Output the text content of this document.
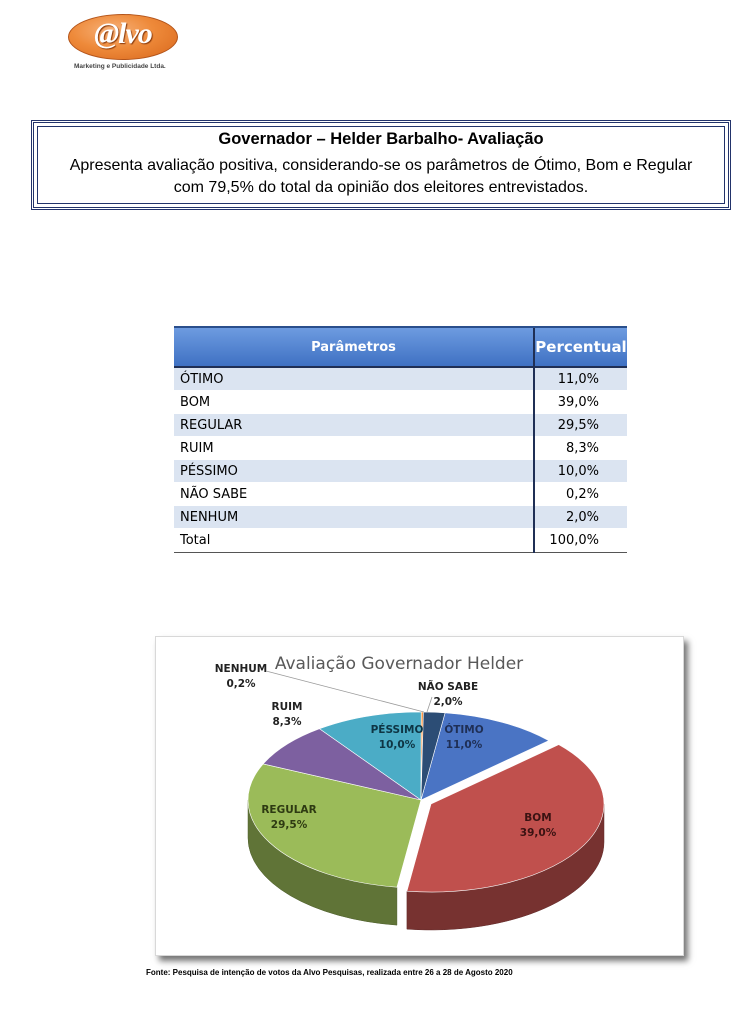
@lvo
Marketing e Publicidade Ltda.
Governador – Helder Barbalho- Avaliação
Apresenta avaliação positiva, considerando-se os parâmetros de Ótimo, Bom e Regular com 79,5% do total da opinião dos eleitores entrevistados.
Parâmetros	Percentual
ÓTIMO	11,0%
BOM	39,0%
REGULAR	29,5%
RUIM	8,3%
PÉSSIMO	10,0%
NÃO SABE	0,2%
NENHUM	2,0%
Total	100,0%
Avaliação Governador Helder
ÓTIMO
11,0%
BOM
39,0%
REGULAR
29,5%
RUIM
8,3%
PÉSSIMO
10,0%
NENHUM
0,2%	NÃO SABE
2,0%
Fonte: Pesquisa de intenção de votos da Alvo Pesquisas, realizada entre 26 a 28 de Agosto 2020
